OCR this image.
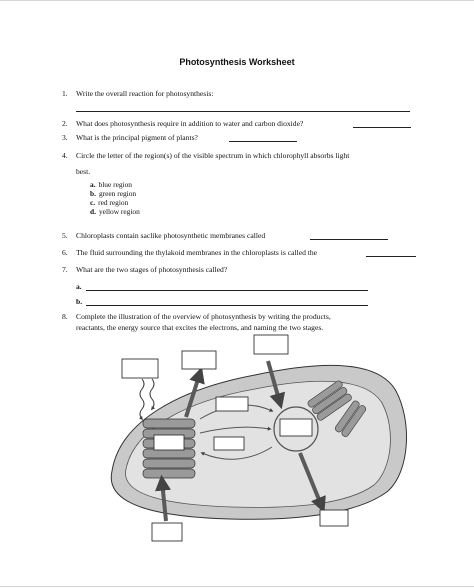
Photosynthesis Worksheet
1. Write the overall reaction for photosynthesis:
2. What does photosynthesis require in addition to water and carbon dioxide?
3. What is the principal pigment of plants?
4. Circle the letter of the region(s) of the visible spectrum in which chlorophyll absorbs light
best.
a. blue region
b. green region
c. red region
d. yellow region
5. Chloroplasts contain saclike photosynthetic membranes called
6. The fluid surrounding the thylakoid membranes in the chloroplasts is called the
7. What are the two stages of photosynthesis called?
a.
b.
8. Complete the illustration of the overview of photosynthesis by writing the products,
reactants, the energy source that excites the electrons, and naming the two stages.
